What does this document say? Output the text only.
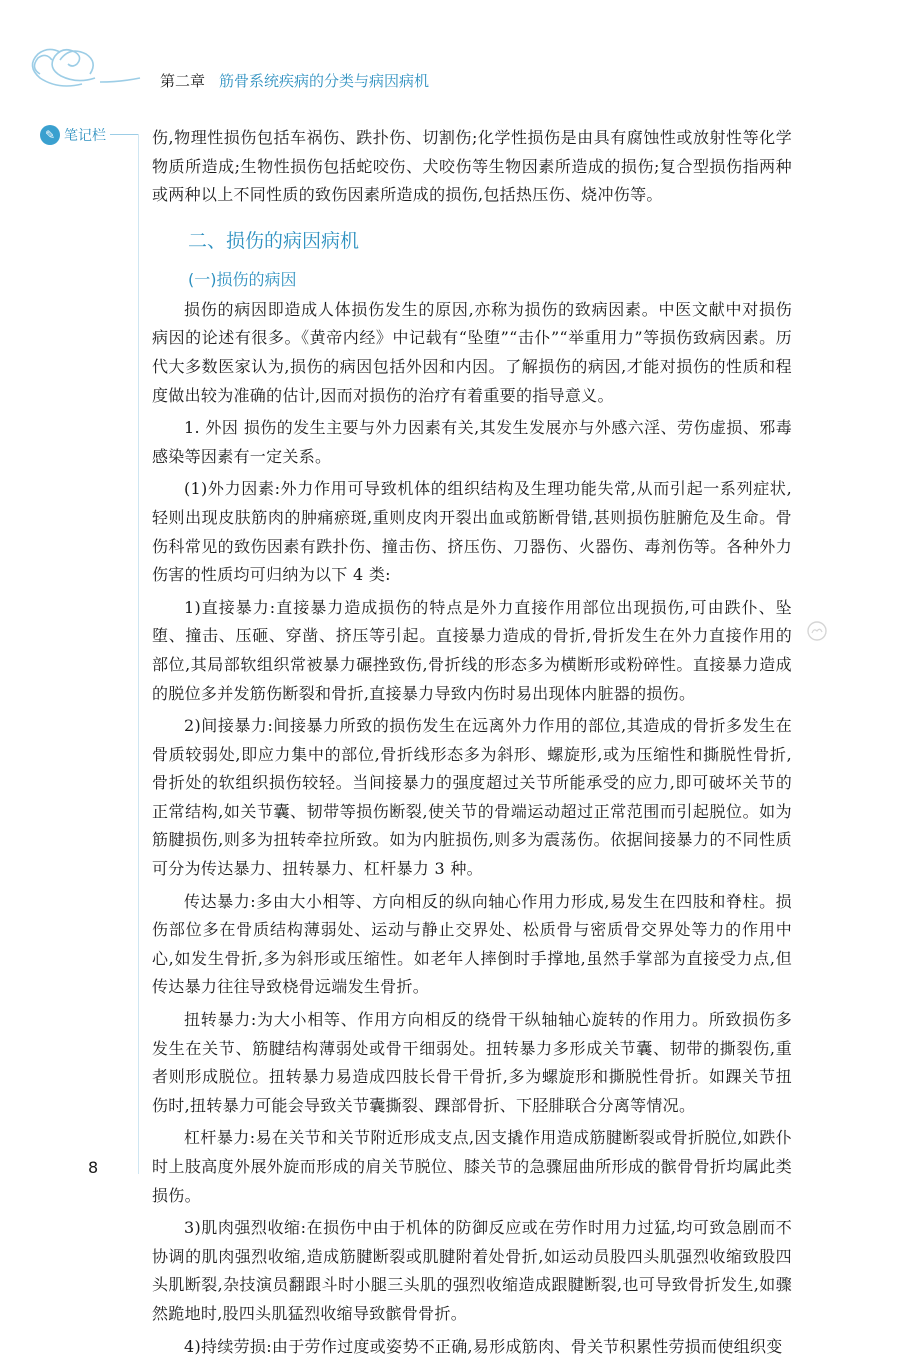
第二章 筋骨系统疾病的分类与病因病机
✎ 笔记栏	伤,物理性损伤包括车祸伤、跌扑伤、切割伤;化学性损伤是由具有腐蚀性或放射性等化学物质所造成;生物性损伤包括蛇咬伤、犬咬伤等生物因素所造成的损伤;复合型损伤指两种或两种以上不同性质的致伤因素所造成的损伤,包括热压伤、烧冲伤等。

二、损伤的病因病机
(一)损伤的病因

损伤的病因即造成人体损伤发生的原因,亦称为损伤的致病因素。中医文献中对损伤病因的论述有很多。《黄帝内经》中记载有“坠堕”“击仆”“举重用力”等损伤致病因素。历代大多数医家认为,损伤的病因包括外因和内因。了解损伤的病因,才能对损伤的性质和程度做出较为准确的估计,因而对损伤的治疗有着重要的指导意义。

1. 外因 损伤的发生主要与外力因素有关,其发生发展亦与外感六淫、劳伤虚损、邪毒感染等因素有一定关系。

(1)外力因素:外力作用可导致机体的组织结构及生理功能失常,从而引起一系列症状,轻则出现皮肤筋肉的肿痛瘀斑,重则皮肉开裂出血或筋断骨错,甚则损伤脏腑危及生命。骨伤科常见的致伤因素有跌扑伤、撞击伤、挤压伤、刀器伤、火器伤、毒剂伤等。各种外力伤害的性质均可归纳为以下 4 类:

1)直接暴力:直接暴力造成损伤的特点是外力直接作用部位出现损伤,可由跌仆、坠堕、撞击、压砸、穿凿、挤压等引起。直接暴力造成的骨折,骨折发生在外力直接作用的部位,其局部软组织常被暴力碾挫致伤,骨折线的形态多为横断形或粉碎性。直接暴力造成的脱位多并发筋伤断裂和骨折,直接暴力导致内伤时易出现体内脏器的损伤。

2)间接暴力:间接暴力所致的损伤发生在远离外力作用的部位,其造成的骨折多发生在骨质较弱处,即应力集中的部位,骨折线形态多为斜形、螺旋形,或为压缩性和撕脱性骨折,骨折处的软组织损伤较轻。当间接暴力的强度超过关节所能承受的应力,即可破坏关节的正常结构,如关节囊、韧带等损伤断裂,使关节的骨端运动超过正常范围而引起脱位。如为筋腱损伤,则多为扭转牵拉所致。如为内脏损伤,则多为震荡伤。依据间接暴力的不同性质可分为传达暴力、扭转暴力、杠杆暴力 3 种。

传达暴力:多由大小相等、方向相反的纵向轴心作用力形成,易发生在四肢和脊柱。损伤部位多在骨质结构薄弱处、运动与静止交界处、松质骨与密质骨交界处等力的作用中心,如发生骨折,多为斜形或压缩性。如老年人摔倒时手撑地,虽然手掌部为直接受力点,但传达暴力往往导致桡骨远端发生骨折。

扭转暴力:为大小相等、作用方向相反的绕骨干纵轴轴心旋转的作用力。所致损伤多发生在关节、筋腱结构薄弱处或骨干细弱处。扭转暴力多形成关节囊、韧带的撕裂伤,重者则形成脱位。扭转暴力易造成四肢长骨干骨折,多为螺旋形和撕脱性骨折。如踝关节扭伤时,扭转暴力可能会导致关节囊撕裂、踝部骨折、下胫腓联合分离等情况。

杠杆暴力:易在关节和关节附近形成支点,因支撬作用造成筋腱断裂或骨折脱位,如跌仆时上肢高度外展外旋而形成的肩关节脱位、膝关节的急骤屈曲所形成的髌骨骨折均属此类损伤。

3)肌肉强烈收缩:在损伤中由于机体的防御反应或在劳作时用力过猛,均可致急剧而不协调的肌肉强烈收缩,造成筋腱断裂或肌腱附着处骨折,如运动员股四头肌强烈收缩致股四头肌断裂,杂技演员翻跟斗时小腿三头肌的强烈收缩造成跟腱断裂,也可导致骨折发生,如骤然跪地时,股四头肌猛烈收缩导致髌骨骨折。

4)持续劳损:由于劳作过度或姿势不正确,易形成筋肉、骨关节积累性劳损而使组织变

8
